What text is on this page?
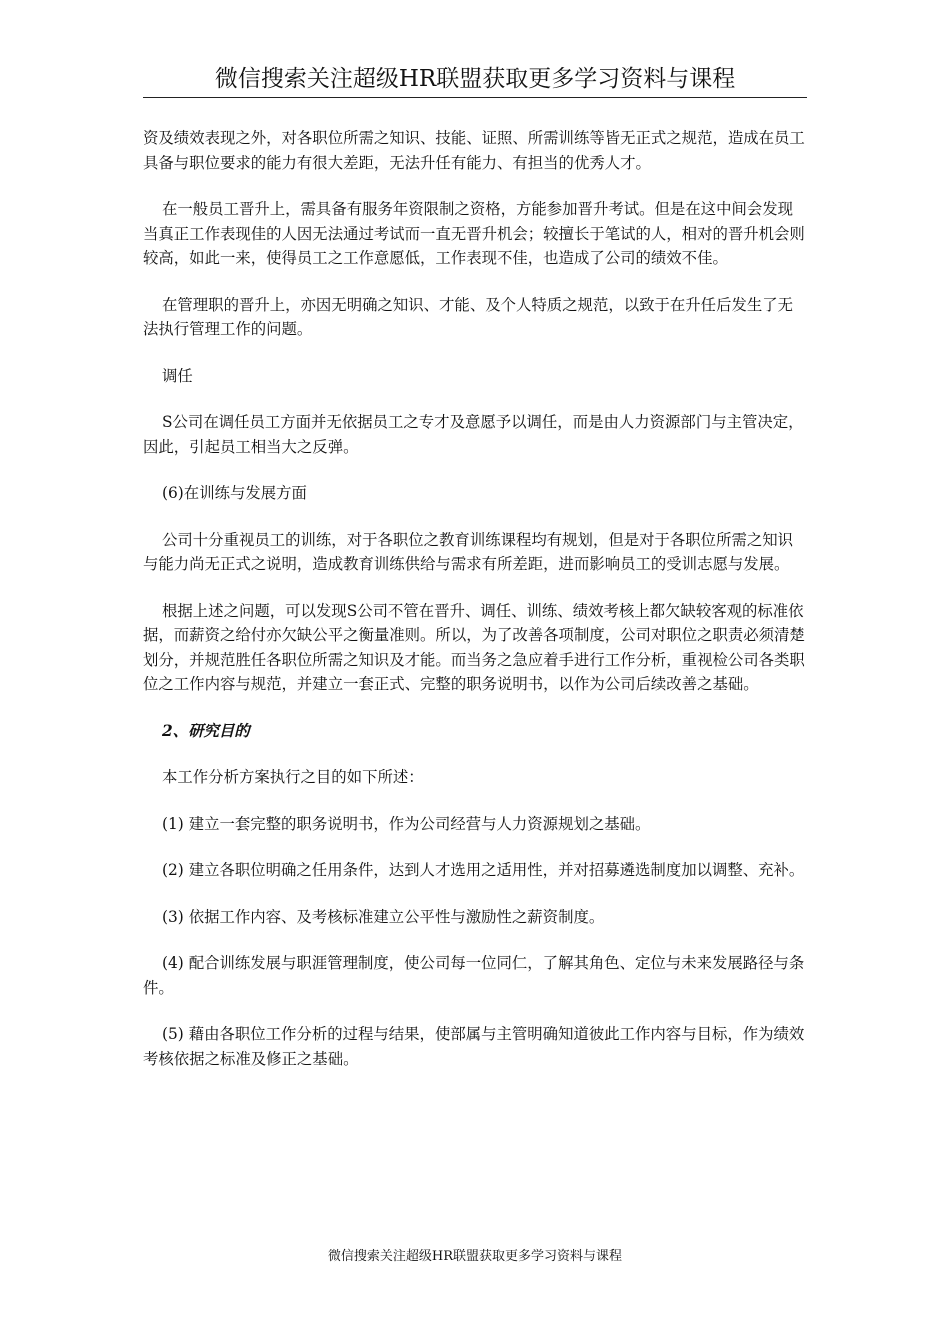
微信搜索关注超级HR联盟获取更多学习资料与课程

资及绩效表现之外，对各职位所需之知识、技能、证照、所需训练等皆无正式之规范，造成在员工具备与职位要求的能力有很大差距，无法升任有能力、有担当的优秀人才。

在一般员工晋升上，需具备有服务年资限制之资格，方能参加晋升考试。但是在这中间会发现当真正工作表现佳的人因无法通过考试而一直无晋升机会；较擅长于笔试的人，相对的晋升机会则较高，如此一来，使得员工之工作意愿低，工作表现不佳，也造成了公司的绩效不佳。

在管理职的晋升上，亦因无明确之知识、才能、及个人特质之规范，以致于在升任后发生了无法执行管理工作的问题。

调任

S公司在调任员工方面并无依据员工之专才及意愿予以调任，而是由人力资源部门与主管决定，因此，引起员工相当大之反弹。

(6)在训练与发展方面

公司十分重视员工的训练，对于各职位之教育训练课程均有规划，但是对于各职位所需之知识与能力尚无正式之说明，造成教育训练供给与需求有所差距，进而影响员工的受训志愿与发展。

根据上述之问题，可以发现S公司不管在晋升、调任、训练、绩效考核上都欠缺较客观的标准依据，而薪资之给付亦欠缺公平之衡量准则。所以，为了改善各项制度，公司对职位之职责必须清楚划分，并规范胜任各职位所需之知识及才能。而当务之急应着手进行工作分析，重视检公司各类职位之工作内容与规范，并建立一套正式、完整的职务说明书，以作为公司后续改善之基础。

2、研究目的

本工作分析方案执行之目的如下所述：

(1) 建立一套完整的职务说明书，作为公司经营与人力资源规划之基础。

(2) 建立各职位明确之任用条件，达到人才选用之适用性，并对招募遴选制度加以调整、充补。

(3) 依据工作内容、及考核标准建立公平性与激励性之薪资制度。

(4) 配合训练发展与职涯管理制度，使公司每一位同仁，了解其角色、定位与未来发展路径与条件。

(5) 藉由各职位工作分析的过程与结果，使部属与主管明确知道彼此工作内容与目标，作为绩效考核依据之标准及修正之基础。

微信搜索关注超级HR联盟获取更多学习资料与课程
